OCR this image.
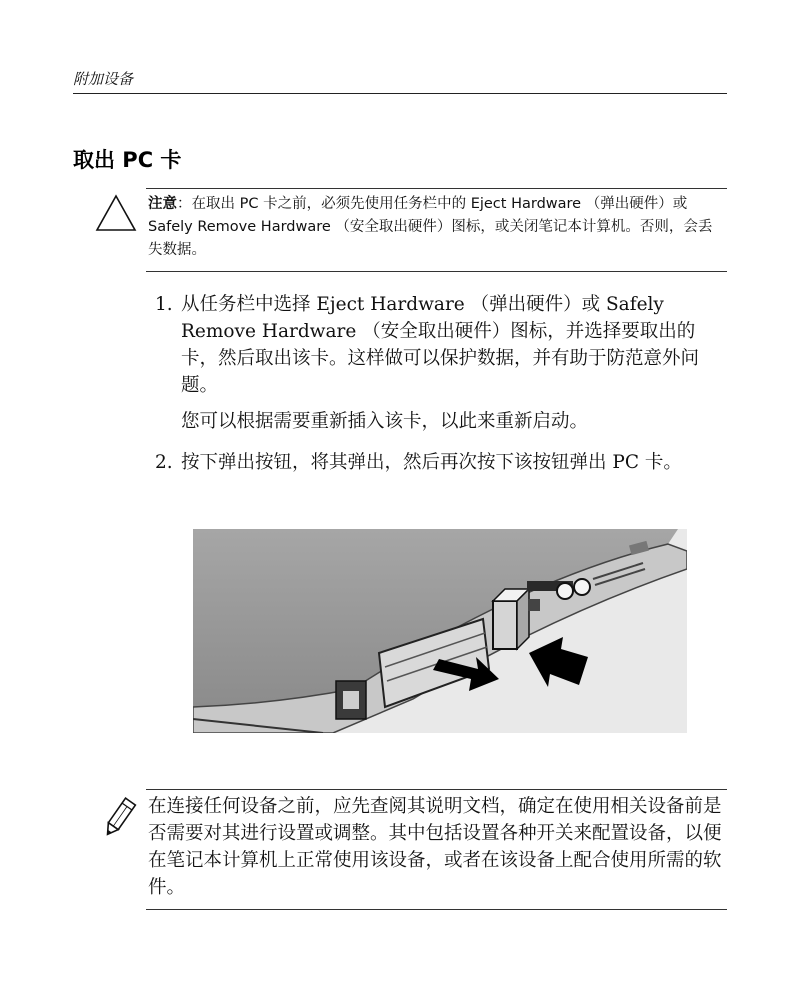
附加设备
取出 PC 卡
注意：在取出 PC 卡之前，必须先使用任务栏中的 Eject Hardware （弹出硬件）或 Safely Remove Hardware （安全取出硬件）图标，或关闭笔记本计算机。否则，会丢失数据。
1. 从任务栏中选择 Eject Hardware （弹出硬件）或 Safely Remove Hardware （安全取出硬件）图标，并选择要取出的卡，然后取出该卡。这样做可以保护数据，并有助于防范意外问题。
您可以根据需要重新插入该卡，以此来重新启动。
2. 按下弹出按钮，将其弹出，然后再次按下该按钮弹出 PC 卡。
在连接任何设备之前，应先查阅其说明文档，确定在使用相关设备前是否需要对其进行设置或调整。其中包括设置各种开关来配置设备，以便在笔记本计算机上正常使用该设备，或者在该设备上配合使用所需的软件。
